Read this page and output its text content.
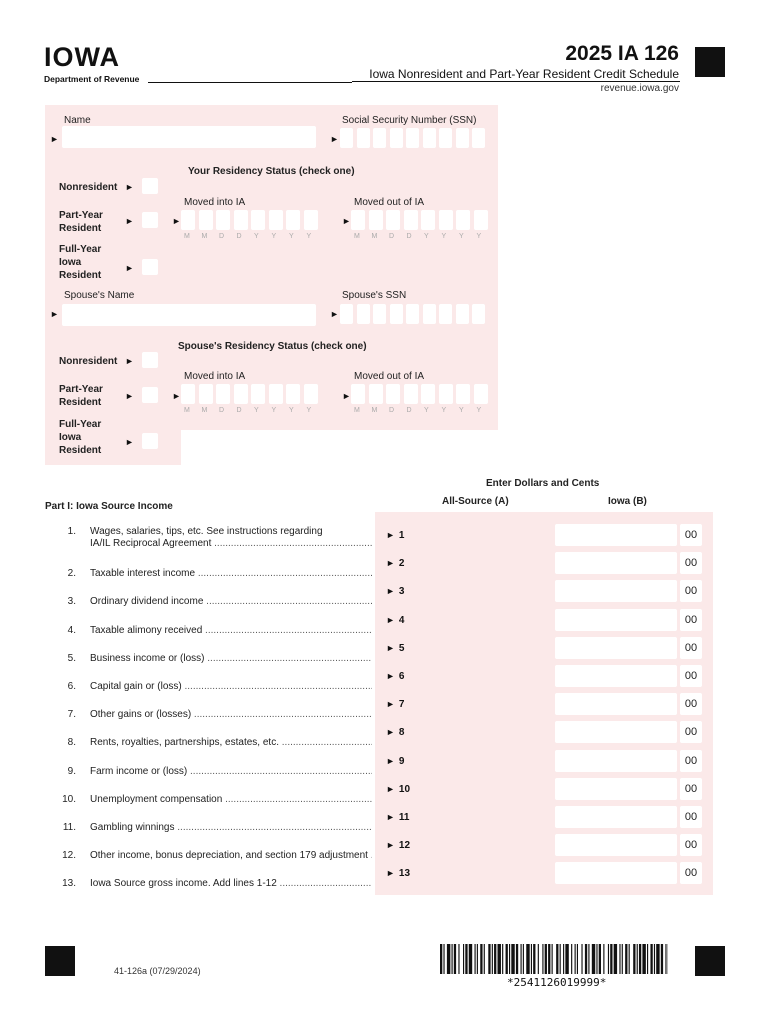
IOWA
Department of Revenue
2025 IA 126
Iowa Nonresident and Part-Year Resident Credit Schedule
revenue.iowa.gov
Name	Social Security Number (SSN)
►	►
Your Residency Status (check one)
Nonresident ►
Moved into IA	Moved out of IA
Part-Year
Resident
►	►
M M D D Y Y Y Y
►
M M D D Y Y Y Y
Full-Year
Iowa
Resident
►
Spouse's Name	Spouse's SSN
►	►
Spouse's Residency Status (check one)
Nonresident ►
Moved into IA	Moved out of IA
Part-Year
Resident
►	►
M M D D Y Y Y Y
►
M M D D Y Y Y Y
Full-Year
Iowa
Resident
►
Enter Dollars and Cents
All-Source (A)	Iowa (B)
Part I: Iowa Source Income
1. Wages, salaries, tips, etc. See instructions regarding
IA/IL Reciprocal Agreement .....
► 1	00
2. Taxable interest income .....
► 2	00
3. Ordinary dividend income .....
► 3	00
4. Taxable alimony received .....
► 4	00
5. Business income or (loss) .....
► 5	00
6. Capital gain or (loss) .....
► 6	00
7. Other gains or (losses) .....
► 7	00
8. Rents, royalties, partnerships, estates, etc. .....
► 8	00
9. Farm income or (loss) .....
► 9	00
10. Unemployment compensation .....
► 10	00
11. Gambling winnings .....
► 11	00
12. Other income, bonus depreciation, and section 179 adjustment .....
► 12	00
13. Iowa Source gross income. Add lines 1-12 .....
► 13	00
41-126a (07/29/2024)
*2541126019999*
